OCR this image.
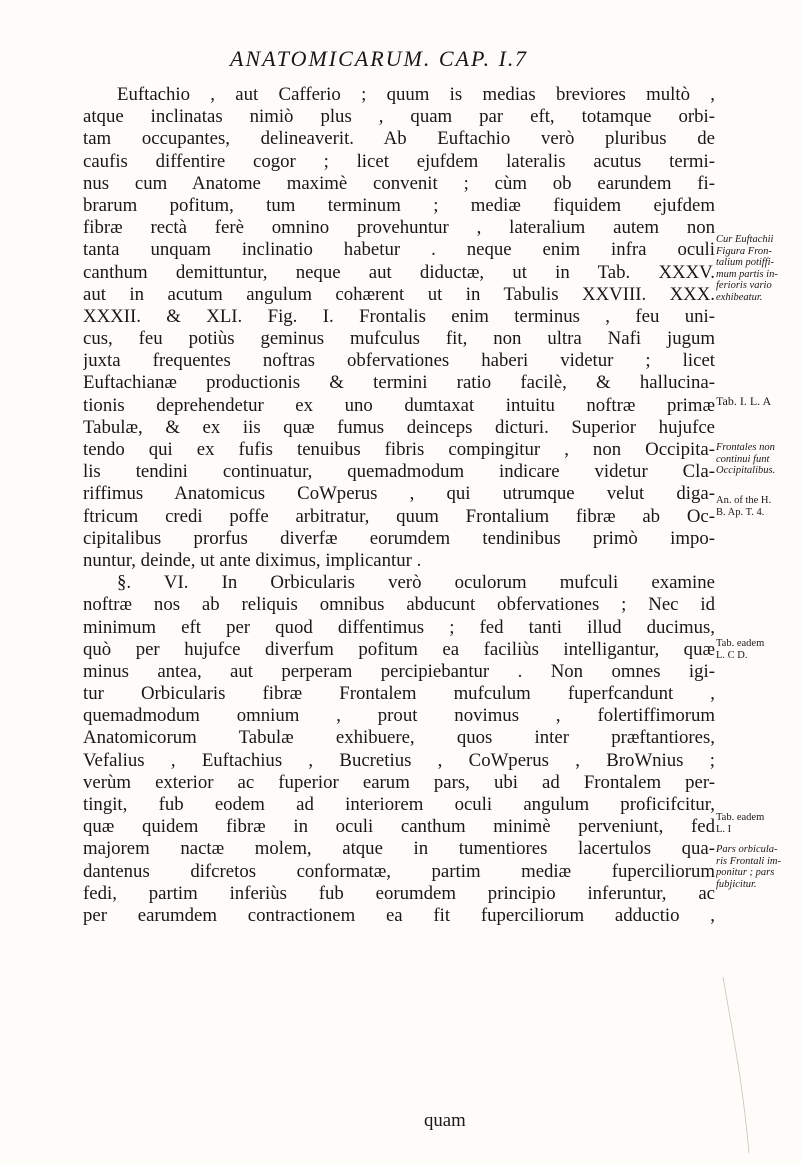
ANATOMICARUM. CAP. I. 7
Euftachio , aut Cafferio ; quum is medias breviores multò ,
atque inclinatas nimiò plus , quam par eft, totamque orbi-
tam occupantes, delineaverit. Ab Euftachio verò pluribus de
caufis diffentire cogor ; licet ejufdem lateralis acutus termi-
nus cum Anatome maximè convenit ; cùm ob earundem fi-
brarum pofitum, tum terminum ; mediæ fiquidem ejufdem
fibræ rectà ferè omnino provehuntur , lateralium autem non
tanta unquam inclinatio habetur . neque enim infra oculi
canthum demittuntur, neque aut diductæ, ut in Tab. XXXV.
aut in acutum angulum cohærent ut in Tabulis XXVIII. XXX.
XXXII. & XLI. Fig. I. Frontalis enim terminus , feu uni-
cus, feu potiùs geminus mufculus fit, non ultra Nafi jugum
juxta frequentes noftras obfervationes haberi videtur ; licet
Euftachianæ productionis & termini ratio facilè, & hallucina-
tionis deprehendetur ex uno dumtaxat intuitu noftræ primæ
Tabulæ, & ex iis quæ fumus deinceps dicturi. Superior hujufce
tendo qui ex fufis tenuibus fibris compingitur , non Occipita-
lis tendini continuatur, quemadmodum indicare videtur Cla-
riffimus Anatomicus CoWperus , qui utrumque velut diga-
ftricum credi poffe arbitratur, quum Frontalium fibræ ab Oc-
cipitalibus prorfus diverfæ eorumdem tendinibus primò impo-
nuntur, deinde, ut ante diximus, implicantur .
§. VI. In Orbicularis verò oculorum mufculi examine
noftræ nos ab reliquis omnibus abducunt obfervationes ; Nec id
minimum eft per quod diffentimus ; fed tanti illud ducimus,
quò per hujufce diverfum pofitum ea faciliùs intelligantur, quæ
minus antea, aut perperam percipiebantur . Non omnes igi-
tur Orbicularis fibræ Frontalem mufculum fuperfcandunt ,
quemadmodum omnium , prout novimus , folertiffimorum
Anatomicorum Tabulæ exhibuere, quos inter præftantiores,
Vefalius , Euftachius , Bucretius , CoWperus , BroWnius ;
verùm exterior ac fuperior earum pars, ubi ad Frontalem per-
tingit, fub eodem ad interiorem oculi angulum proficifcitur,
quæ quidem fibræ in oculi canthum minimè perveniunt, fed
majorem nactæ molem, atque in tumentiores lacertulos qua-
dantenus difcretos conformatæ, partim mediæ fuperciliorum
fedi, partim inferiùs fub eorumdem principio inferuntur, ac
per earumdem contractionem ea fit fuperciliorum adductio ,
quam
Cur Euftachii
Figura Fron-
talium potiffi-
mum partis in-
ferioris vario
exhibeatur.
Tab. I. L. A
Frontales non
continui funt
Occipitalibus.
An. of the H.
B. Ap. T. 4.
Tab. eadem
L. C D.
Tab. eadem
L. I
Pars orbicula-
ris Frontali im-
ponitur ; pars
fubjicitur.
